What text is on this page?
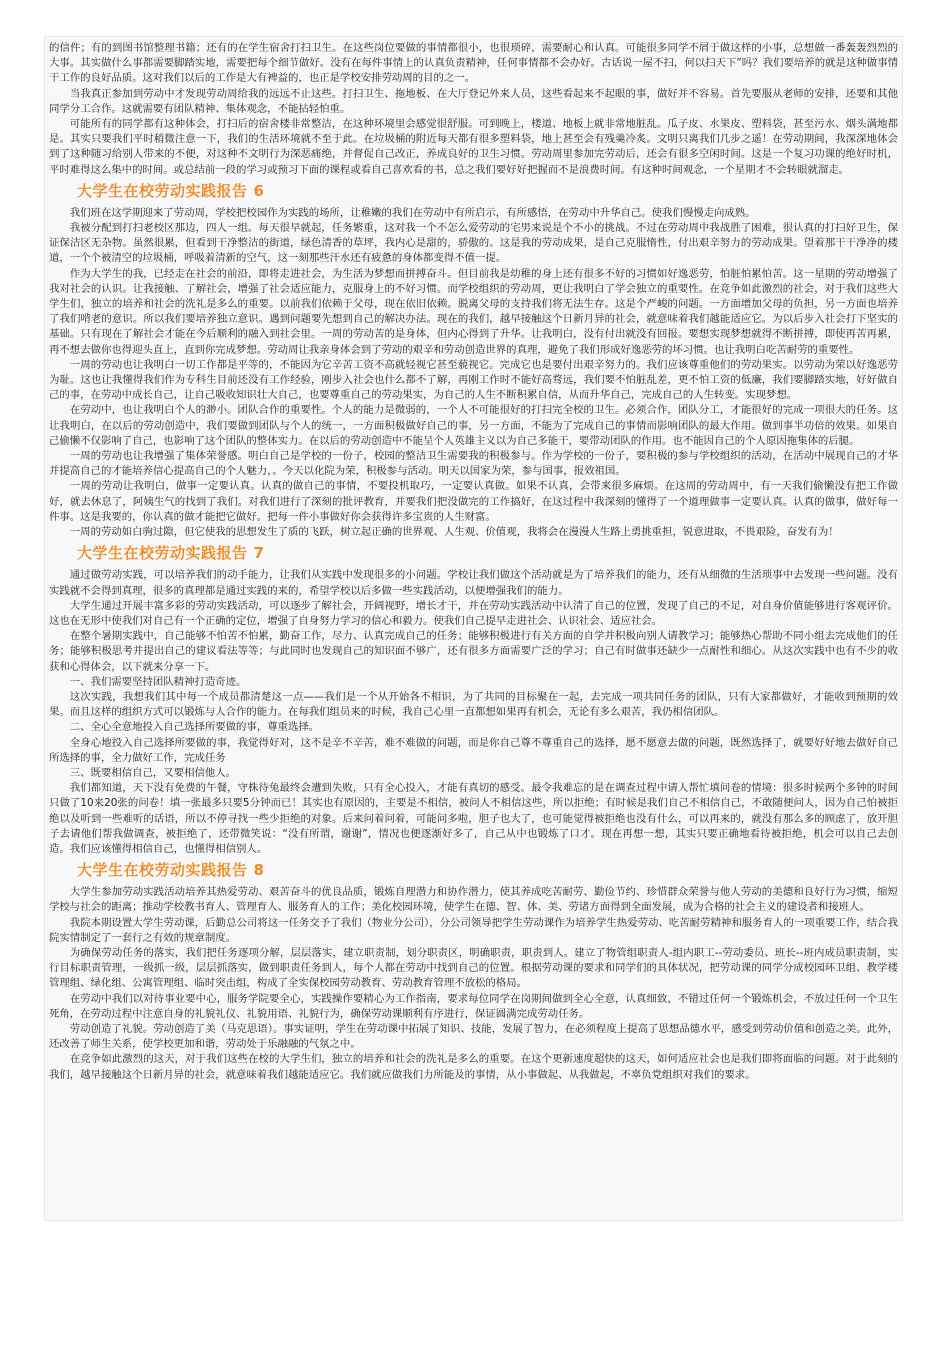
的信件；有的到图书馆整理书籍；还有的在学生宿舍打扫卫生。在这些岗位要做的事情都很小，也很琐碎，需要耐心和认真。可能很多同学不屑于做这样的小事，总想做一番轰轰烈烈的大事。其实做什么事都需要脚踏实地，需要把每个细节做好。没有在每件事情上的认真负责精神，任何事情都不会办好。古话说一屋不扫，何以扫天下”吗？我们要培养的就是这种做事情干工作的良好品质。这对我们以后的工作是大有裨益的，也正是学校安排劳动周的目的之一。

当我真正参加到劳动中才发现劳动周给我的远远不止这些。打扫卫生、拖地板、在大厅登记外来人员，这些看起来不起眼的事，做好并不容易。首先要服从老师的安排，还要和其他同学分工合作。这就需要有团队精神、集体观念，不能拈轻怕重。

可能所有的同学都有这种体会，打扫后的宿舍楼非常整洁，在这种环境里会感觉很舒服。可到晚上，楼道、地板上就非常地脏乱。瓜子皮、水果皮、塑料袋，甚至污水、烟头满地都是。其实只要我们平时稍微注意一下，我们的生活环境就不至于此。在垃圾桶的附近每天都有很多塑料袋，地上甚至会有残羹冷炙。文明只离我们几步之遥！在劳动期间，我深深地体会到了这种随习给别人带来的不便，对这种不文明行为深恶痛绝，并督促自己改正，养成良好的卫生习惯。劳动周里参加完劳动后，还会有很多空闲时间。这是一个复习功课的绝好时机，平时难得这么集中的时间。或总结前一段的学习或预习下面的课程或看自己喜欢看的书，总之我们要好好把握而不是浪费时间。有这种时间观念，一个星期才不会转眼就溜走。

大学生在校劳动实践报告 6

我们班在这学期迎来了劳动周，学校把校园作为实践的场所，让稚嫩的我们在劳动中有所启示，有所感悟，在劳动中升华自己。使我们慢慢走向成熟。

我被分配到打扫老校区那边，四人一组。每天很早就起，任务繁重，这对我一个不怎么爱劳动的宅男来说是个不小的挑战。不过在劳动周中我战胜了困难，很认真的打扫好卫生，保证保洁区无杂物。虽然很累，但看到干净整洁的街道，绿色清香的草坪，我内心是甜的，骄傲的。这是我的劳动成果，是自己克服惰性，付出艰辛努力的劳动成果。望着那干干净净的楼道，一个个被清空的垃圾桶，呼吸着清新的空气，这一刻那些汗水还有疲惫的身体都变得不值一提。

作为大学生的我，已经走在社会的前沿，即将走进社会，为生活为梦想而拼搏奋斗。但目前我是幼稚的身上还有很多不好的习惯如好逸恶劳，怕脏怕累怕苦。这一星期的劳动增强了我对社会的认识。让我接触、了解社会，增强了社会适应能力，克服身上的不好习惯。而学校组织的劳动周，更让我明白了学会独立的重要性。在竞争如此激烈的社会，对于我们这些大学生们，独立的培养和社会的洗礼是多么的重要。以前我们依赖于父母，现在依旧依赖。脱离父母的支持我们将无法生存。这是个严峻的问题。一方面增加父母的负担，另一方面也培养了我们啃老的意识。所以我们要培养独立意识。遇到问题要先想到自己的解决办法。现在的我们，越早接触这个日新月异的社会，就意味着我们越能适应它。为以后步入社会打下坚实的基础。只有现在了解社会才能在今后顺利的融入到社会里。一周的劳动苦的是身体，但内心得到了升华。让我明白，没有付出就没有回报。要想实现梦想就得不断拼搏，即使再苦再累，再不想去做你也得迎头直上，直到你完成梦想。劳动周让我亲身体会到了劳动的艰辛和劳动创造世界的真理，避免了我们形成好逸恶劳的坏习惯。也让我明白吃苦耐劳的重要性。

一周的劳动也让我明白一切工作都是平等的，不能因为它辛苦工资不高就轻视它甚至藐视它。完成它也是要付出艰辛努力的。我们应该尊重他们的劳动果实。以劳动为荣以好逸恶劳为耻。这也让我懂得我们作为专科生目前还没有工作经验，刚步入社会也什么都不了解，再刚工作时不能好高骛远，我们要不怕脏乱差，更不怕工资的低廉，我们要脚踏实地，好好做自己的事，在劳动中成长自己，让自己吸收知识壮大自己，也要尊重自己的劳动果实，为自己的人生不断积累自信，从而升华自己，完成自己的人生转变。实现梦想。

在劳动中，也让我明白个人的渺小。团队合作的重要性。个人的能力是微弱的，一个人不可能很好的打扫完全校的卫生。必须合作，团队分工，才能很好的完成一项很大的任务。这让我明白，在以后的劳动创造中，我们要做到团队与个人的统一，一方面积极做好自己的事，另一方面，不能为了完成自己的事情而影响团队的最大作用。做到事半功倍的效果。如果自己偷懒不仅影响了自己，也影响了这个团队的整体实力。在以后的劳动创造中不能呈个人英雄主义以为自己多能干，要带动团队的作用。也不能因自己的个人原因拖集体的后腿。

一周的劳动也让我增强了集体荣誉感。明白自己是学校的一份子，校园的整洁卫生需要我的积极参与。作为学校的一份子，要积极的参与学校组织的活动，在活动中展现自己的才华并提高自己的才能培养信心提高自己的个人魅力，。今天以化院为荣，积极参与活动。明天以国家为荣，参与国事，报效祖国。

一周的劳动让我明白，做事一定要认真。认真的做自己的事情，不要投机取巧，一定要认真做。如果不认真，会带来很多麻烦。在这周的劳动周中，有一天我们偷懒没有把工作做好，就去休息了，阿姨生气的找到了我们。对我们进行了深刻的批评教育，并要我们把没做完的工作搞好，在这过程中我深刻的懂得了一个道理做事一定要认真。认真的做事，做好每一件事。这是我要的，你认真的做才能把它做好。把每一件小事做好你会获得许多宝贵的人生财富。

一周的劳动如白驹过隙，但它使我的思想发生了质的飞跃，树立起正确的世界观、人生观、价值观，我将会在漫漫人生路上勇挑重担，锐意进取，不畏艰险，奋发有为！

大学生在校劳动实践报告 7

通过做劳动实践，可以培养我们的动手能力，让我们从实践中发现很多的小问题。学校让我们做这个活动就是为了培养我们的能力，还有从细微的生活琐事中去发现一些问题。没有实践就不会得到真理，很多的真理都是通过实践的来的，希望学校以后多做一些实践活动，以便增强我们的能力。

大学生通过开展丰富多彩的劳动实践活动，可以逐步了解社会，开阔视野，增长才干，并在劳动实践活动中认清了自己的位置，发现了自己的不足，对自身价值能够进行客观评价。这也在无形中使我们对自己有一个正确的定位，增强了自身努力学习的信心和毅力。使我们自己提早走进社会、认识社会、适应社会。

在整个暑期实践中，自己能够不怕苦不怕累，勤奋工作，尽力、认真完成自己的任务；能够积极进行有关方面的自学并积极向别人请教学习；能够热心帮助不同小组去完成他们的任务；能够积极思考并提出自己的建议看法等等；与此同时也发现自己的知识面不够广，还有很多方面需要广泛的学习；自己有时做事还缺少一点耐性和细心。从这次实践中也有不少的收获和心得体会，以下就来分享一下。

一、我们需要坚持团队精神打造奇迹。

这次实践，我想我们其中每一个成员都清楚这一点——我们是一个从开始各不相识，为了共同的目标聚在一起，去完成一项共同任务的团队，只有大家都做好，才能收到预期的效果。而且这样的组织方式可以锻炼与人合作的能力。在每我们组员来的时候，我自己心里一直都想如果再有机会，无论有多么艰苦，我仍相信团队。

二、全心全意地投入自己选择所要做的事，尊重选择。

全身心地投入自己选择所要做的事，我觉得好对，这不是辛不辛苦，难不难做的问题，而是你自己尊不尊重自己的选择，愿不愿意去做的问题，既然选择了，就要好好地去做好自己所选择的事，全力做好工作，完成任务

三、既要相信自己，又要相信他人。

我们都知道，天下没有免费的午餐，守株待兔最终会遭到失败，只有全心投入，才能有真切的感受。最令我难忘的是在调查过程中请人帮忙填问卷的情境：很多时候两个多钟的时间只做了10来20张的问卷！填一张最多只要5分钟而已！其实也有原因的，主要是不相信，被问人不相信这些，所以拒绝；有时候是我们自己不相信自己，不敢随便问人，因为自己怕被拒绝以及听到一些难听的话语，所以不停寻找一些少拒绝的对象。后来问着问着，可能问多啦，胆子也大了，也可能觉得被拒绝也没有什么，可以再来的，就没有那么多的顾虑了，放开胆子去请他们帮我做调查，被拒绝了，还带微笑说：“没有所谓，谢谢”，情况也便逐渐好多了，自己从中也锻炼了口才。现在再想一想，其实只要正确地看待被拒绝，机会可以自己去创造。我们应该懂得相信自己，也懂得相信别人。

大学生在校劳动实践报告 8

大学生参加劳动实践活动培养其热爱劳动、艰苦奋斗的优良品质，锻炼自理潜力和协作潜力，使其养成吃苦耐劳、勤俭节约、珍惜群众荣誉与他人劳动的美德和良好行为习惯，缩短学校与社会的距离；推动学校教书育人、管理育人、服务育人的工作；美化校园环境，使学生在德、智、体、美、劳诸方面得到全面发展，成为合格的社会主义的建设者和接班人。

我院本期设置大学生劳动课，后勤总公司将这一任务交予了我们（物业分公司），分公司领导把学生劳动课作为培养学生热爱劳动、吃苦耐劳精神和服务育人的一项重要工作，结合我院实情制定了一套行之有效的规章制度。

为确保劳动任务的落实，我们把任务逐项分解，层层落实，建立职责制，划分职责区，明确职责，职责到人。建立了物管组职责人-组内职工--劳动委员、班长--班内成员职责制，实行目标职责管理，一级抓一级，层层抓落实，做到职责任务到人，每个人都在劳动中找到自己的位置。根据劳动课的要求和同学们的具体状况，把劳动课的同学分成校园环卫组、教学楼管理组、绿化组、公寓管理组、临时突击组，构成了全实保校园劳动教育、劳动教育管理不放松的格局。

在劳动中我们以对待事业要中心，服务学院要全心，实践操作要精心为工作指南，要求每位同学在岗期间做到全心全意，认真细致，不错过任何一个锻炼机会，不放过任何一个卫生死角，在劳动过程中注意自身的礼貌礼仪、礼貌用语、礼貌行为，确保劳动课顺利有序进行，保证圆满完成劳动任务。

劳动创造了礼貌。劳动创造了美（马克思语）。事实证明，学生在劳动课中拓展了知识、技能，发展了智力，在必须程度上提高了思想品德水平，感受到劳动价值和创造之美。此外，还改善了师生关系，使学校更加和谐，劳动处于乐融融的气氛之中。

在竞争如此激烈的这天，对于我们这些在校的大学生们，独立的培养和社会的洗礼是多么的重要。在这个更新速度超快的这天，如何适应社会也是我们即将面临的问题。对于此刻的我们，越早接触这个日新月异的社会，就意味着我们越能适应它。我们就应做我们力所能及的事情，从小事做起、从我做起，不辜负党组织对我们的要求。
